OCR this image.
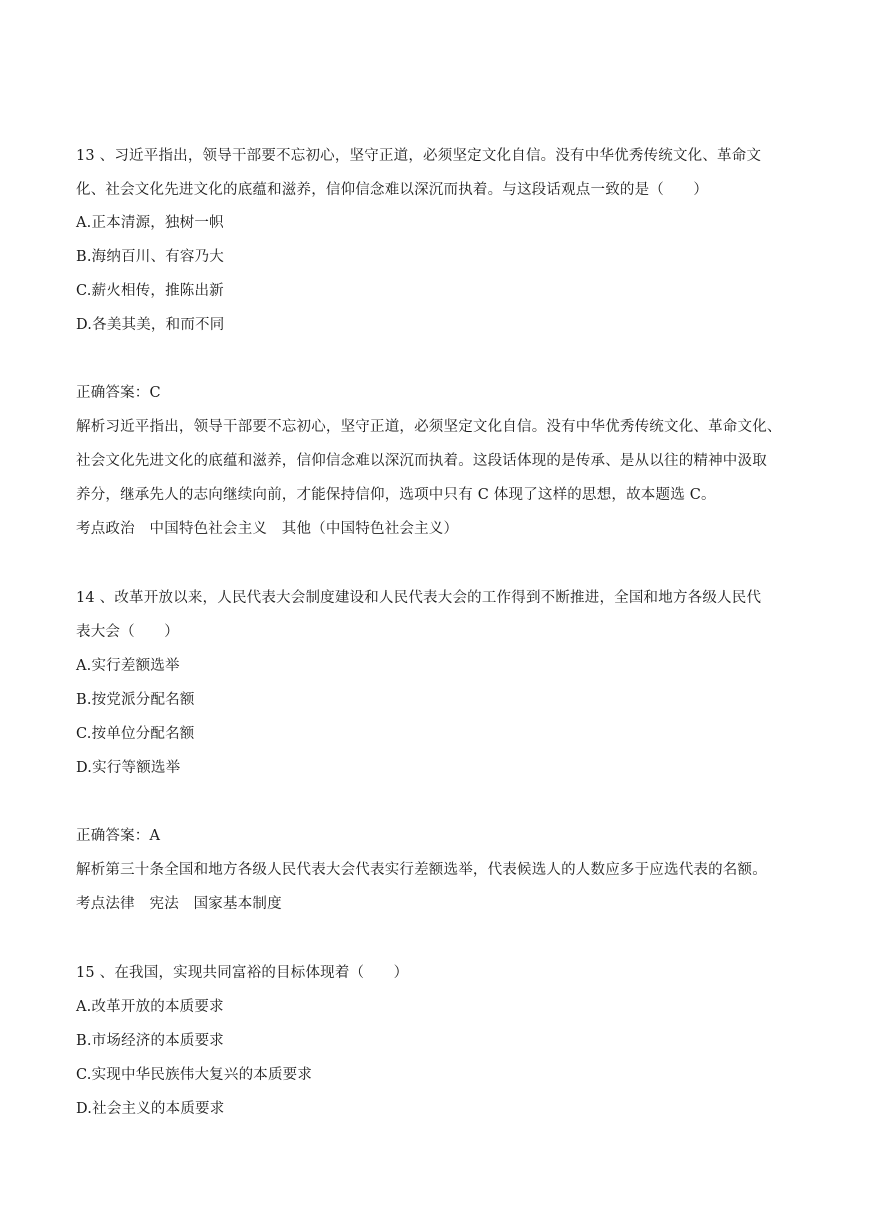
13 、习近平指出，领导干部要不忘初心，坚守正道，必须坚定文化自信。没有中华优秀传统文化、革命文
化、社会文化先进文化的底蕴和滋养，信仰信念难以深沉而执着。与这段话观点一致的是（　　）
A.正本清源，独树一帜
B.海纳百川、有容乃大
C.薪火相传，推陈出新
D.各美其美，和而不同
正确答案：C
解析习近平指出，领导干部要不忘初心，坚守正道，必须坚定文化自信。没有中华优秀传统文化、革命文化、
社会文化先进文化的底蕴和滋养，信仰信念难以深沉而执着。这段话体现的是传承、是从以往的精神中汲取
养分，继承先人的志向继续向前，才能保持信仰，选项中只有 C 体现了这样的思想，故本题选 C。
考点政治　中国特色社会主义　其他（中国特色社会主义）
14 、改革开放以来，人民代表大会制度建设和人民代表大会的工作得到不断推进，全国和地方各级人民代
表大会（　　）
A.实行差额选举
B.按党派分配名额
C.按单位分配名额
D.实行等额选举
正确答案：A
解析第三十条全国和地方各级人民代表大会代表实行差额选举，代表候选人的人数应多于应选代表的名额。
考点法律　宪法　国家基本制度
15 、在我国，实现共同富裕的目标体现着（　　）
A.改革开放的本质要求
B.市场经济的本质要求
C.实现中华民族伟大复兴的本质要求
D.社会主义的本质要求
